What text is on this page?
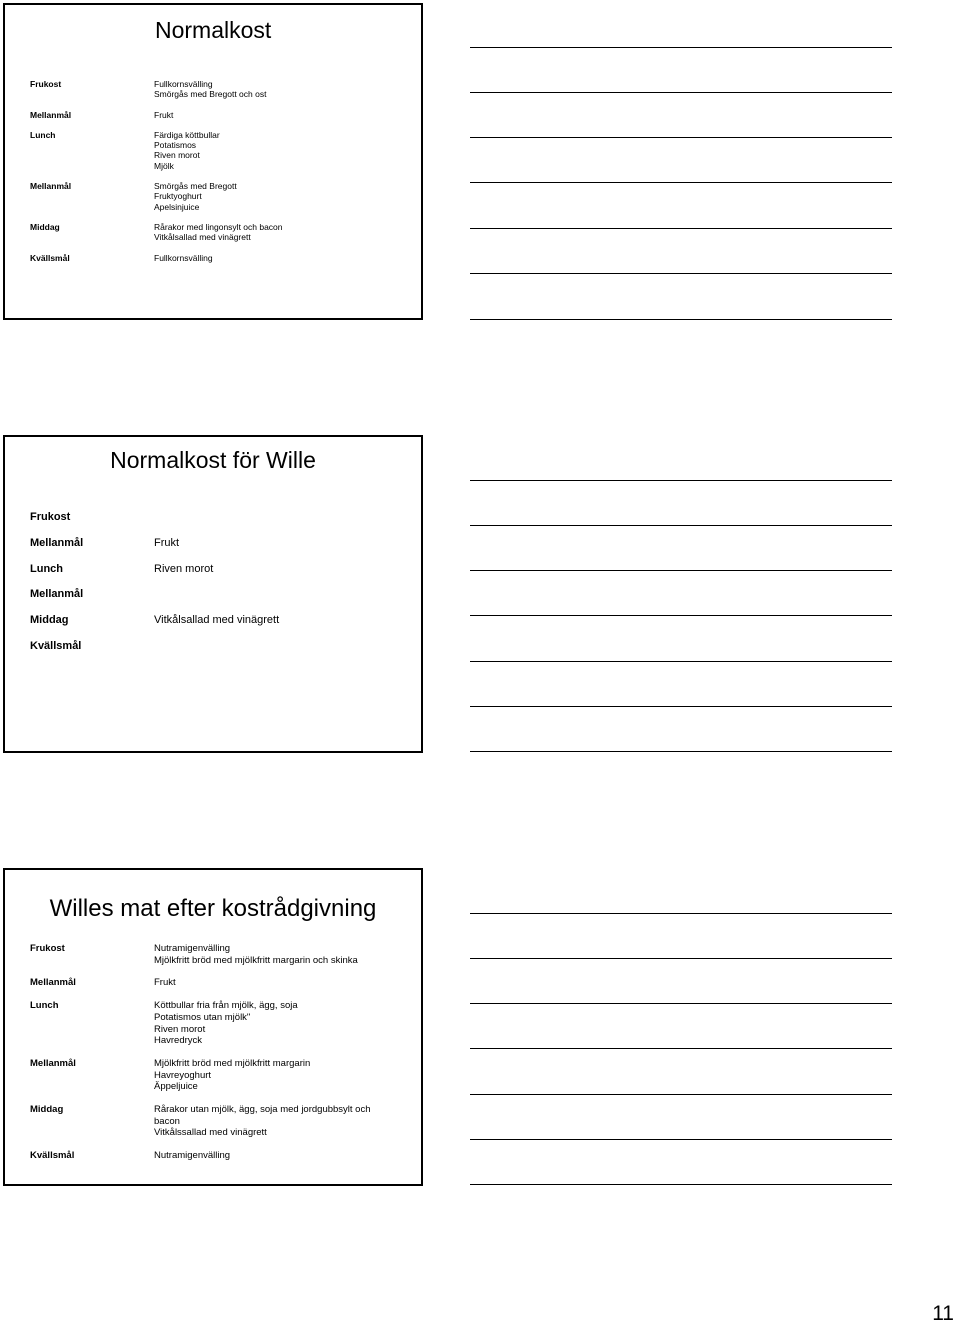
Normalkost
Frukost	Fullkornsvälling
Smörgås med Bregott och ost
Mellanmål	Frukt
Lunch	Färdiga köttbullar
Potatismos
Riven morot
Mjölk
Mellanmål	Smörgås med Bregott
Fruktyoghurt
Apelsinjuice
Middag	Rårakor med lingonsylt och bacon
Vitkålsallad med vinägrett
Kvällsmål	Fullkornsvälling
Normalkost för Wille
Frukost

Mellanmål	Frukt
Lunch	Riven morot
Mellanmål

Middag	Vitkålsallad med vinägrett
Kvällsmål

Willes mat efter kostrådgivning
Frukost	Nutramigenvälling
Mjölkfritt bröd med mjölkfritt margarin och skinka
Mellanmål	Frukt
Lunch	Köttbullar fria från mjölk, ägg, soja
Potatismos utan mjölk"
Riven morot
Havredryck
Mellanmål	Mjölkfritt bröd med mjölkfritt margarin
Havreyoghurt
Äppeljuice
Middag	Rårakor utan mjölk, ägg, soja med jordgubbsylt och
bacon
Vitkålssallad med vinägrett
Kvällsmål	Nutramigenvälling
11
